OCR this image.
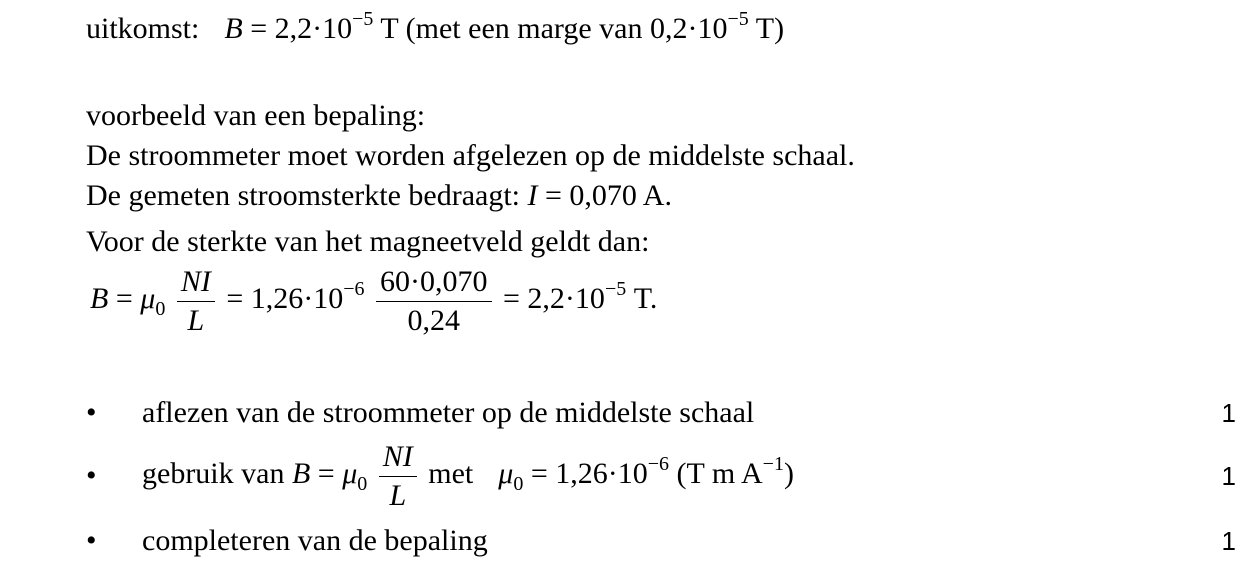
uitkomst: $B = 2,2\cdot 10^{-5}$ T (met een marge van $0,2\cdot 10^{-5}$ T)
voorbeeld van een bepaling:
De stroommeter moet worden afgelezen op de middelste schaal.
De gemeten stroomsterkte bedraagt: I = 0,070 A.
Voor de sterkte van het magneetveld geldt dan:
$B = \mu_0 \frac{NI}{L} = 1,26\cdot 10^{-6} \frac{60\cdot 0,070}{0,24} = 2,2\cdot 10^{-5}$ T.
•	aflezen van de stroommeter op de middelste schaal	1
•	gebruik van $B = \mu_0 \frac{NI}{L}$ met $\mu_0 = 1,26\cdot 10^{-6}$ (T m $A^{-1}$)	1
•	completeren van de bepaling	1
